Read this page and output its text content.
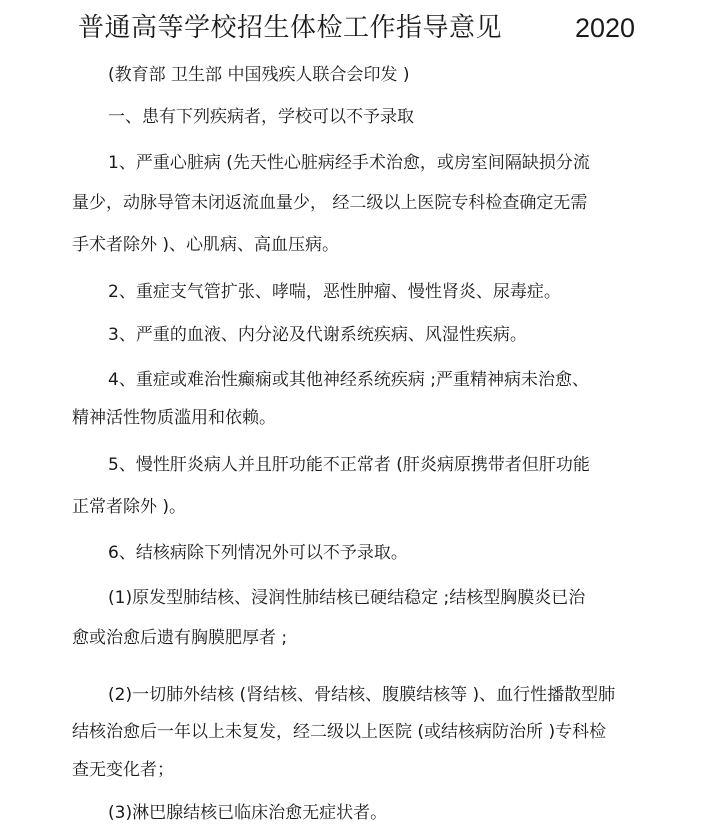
普通高等学校招生体检工作指导意见	2020

(教育部 卫生部 中国残疾人联合会印发 )

一、患有下列疾病者，学校可以不予录取

1、严重心脏病 (先天性心脏病经手术治愈，或房室间隔缺损分流

量少，动脉导管未闭返流血量少， 经二级以上医院专科检查确定无需

手术者除外 )、心肌病、高血压病。

2、重症支气管扩张、哮喘，恶性肿瘤、慢性肾炎、尿毒症。

3、严重的血液、内分泌及代谢系统疾病、风湿性疾病。

4、重症或难治性癫痫或其他神经系统疾病 ;严重精神病未治愈、

精神活性物质滥用和依赖。

5、慢性肝炎病人并且肝功能不正常者 (肝炎病原携带者但肝功能

正常者除外 )。

6、结核病除下列情况外可以不予录取。

(1)原发型肺结核、浸润性肺结核已硬结稳定 ;结核型胸膜炎已治

愈或治愈后遗有胸膜肥厚者 ;

(2)一切肺外结核 (肾结核、骨结核、腹膜结核等 )、血行性播散型肺

结核治愈后一年以上未复发，经二级以上医院 (或结核病防治所 )专科检

查无变化者；

(3)淋巴腺结核已临床治愈无症状者。
